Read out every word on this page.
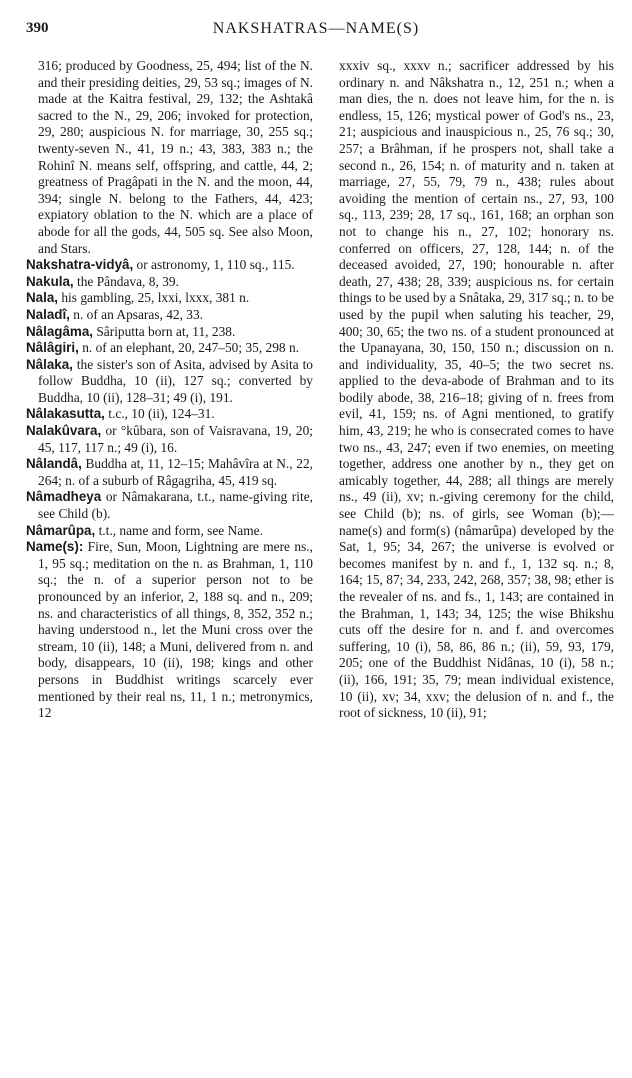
390	NAKSHATRAS—NAME(S)

316; produced by Goodness, 25, 494; list of the N. and their presiding deities, 29, 53 sq.; images of N. made at the Kaitra festival, 29, 132; the Ashtakâ sacred to the N., 29, 206; invoked for protection, 29, 280; auspicious N. for marriage, 30, 255 sq.; twenty-seven N., 41, 19 n.; 43, 383, 383 n.; the Rohinî N. means self, offspring, and cattle, 44, 2; greatness of Pragâpati in the N. and the moon, 44, 394; single N. belong to the Fathers, 44, 423; expiatory oblation to the N. which are a place of abode for all the gods, 44, 505 sq. See also Moon, and Stars.

Nakshatra-vidyâ, or astronomy, 1, 110 sq., 115.

Nakula, the Pândava, 8, 39.

Nala, his gambling, 25, lxxi, lxxx, 381 n.

Naladî, n. of an Apsaras, 42, 33.

Nâlagâma, Sâriputta born at, 11, 238.

Nâlâgiri, n. of an elephant, 20, 247–50; 35, 298 n.

Nâlaka, the sister's son of Asita, advised by Asita to follow Buddha, 10 (ii), 127 sq.; converted by Buddha, 10 (ii), 128–31; 49 (i), 191.

Nâlakasutta, t.c., 10 (ii), 124–31.

Nalakûvara, or °kûbara, son of Vaisravana, 19, 20; 45, 117, 117 n.; 49 (i), 16.

Nâlandâ, Buddha at, 11, 12–15; Mahâvîra at N., 22, 264; n. of a suburb of Râgagriha, 45, 419 sq.

Nâmadheya or Nâmakarana, t.t., name-giving rite, see Child (b).

Nâmarûpa, t.t., name and form, see Name.

Name(s): Fire, Sun, Moon, Lightning are mere ns., 1, 95 sq.; meditation on the n. as Brahman, 1, 110 sq.; the n. of a superior person not to be pronounced by an inferior, 2, 188 sq. and n., 209; ns. and characteristics of all things, 8, 352, 352 n.; having understood n., let the Muni cross over the stream, 10 (ii), 148; a Muni, delivered from n. and body, disappears, 10 (ii), 198; kings and other persons in Buddhist writings scarcely ever mentioned by their real ns, 11, 1 n.; metronymics, 12

xxxiv sq., xxxv n.; sacrificer addressed by his ordinary n. and Nâkshatra n., 12, 251 n.; when a man dies, the n. does not leave him, for the n. is endless, 15, 126; mystical power of God's ns., 23, 21; auspicious and inauspicious n., 25, 76 sq.; 30, 257; a Brâhman, if he prospers not, shall take a second n., 26, 154; n. of maturity and n. taken at marriage, 27, 55, 79, 79 n., 438; rules about avoiding the mention of certain ns., 27, 93, 100 sq., 113, 239; 28, 17 sq., 161, 168; an orphan son not to change his n., 27, 102; honorary ns. conferred on officers, 27, 128, 144; n. of the deceased avoided, 27, 190; honourable n. after death, 27, 438; 28, 339; auspicious ns. for certain things to be used by a Snâtaka, 29, 317 sq.; n. to be used by the pupil when saluting his teacher, 29, 400; 30, 65; the two ns. of a student pronounced at the Upanayana, 30, 150, 150 n.; discussion on n. and individuality, 35, 40–5; the two secret ns. applied to the deva-abode of Brahman and to its bodily abode, 38, 216–18; giving of n. frees from evil, 41, 159; ns. of Agni mentioned, to gratify him, 43, 219; he who is consecrated comes to have two ns., 43, 247; even if two enemies, on meeting together, address one another by n., they get on amicably together, 44, 288; all things are merely ns., 49 (ii), xv; n.-giving ceremony for the child, see Child (b); ns. of girls, see Woman (b);—name(s) and form(s) (nâmarûpa) developed by the Sat, 1, 95; 34, 267; the universe is evolved or becomes manifest by n. and f., 1, 132 sq. n.; 8, 164; 15, 87; 34, 233, 242, 268, 357; 38, 98; ether is the revealer of ns. and fs., 1, 143; are contained in the Brahman, 1, 143; 34, 125; the wise Bhikshu cuts off the desire for n. and f. and overcomes suffering, 10 (i), 58, 86, 86 n.; (ii), 59, 93, 179, 205; one of the Buddhist Nidânas, 10 (i), 58 n.; (ii), 166, 191; 35, 79; mean individual existence, 10 (ii), xv; 34, xxv; the delusion of n. and f., the root of sickness, 10 (ii), 91;
